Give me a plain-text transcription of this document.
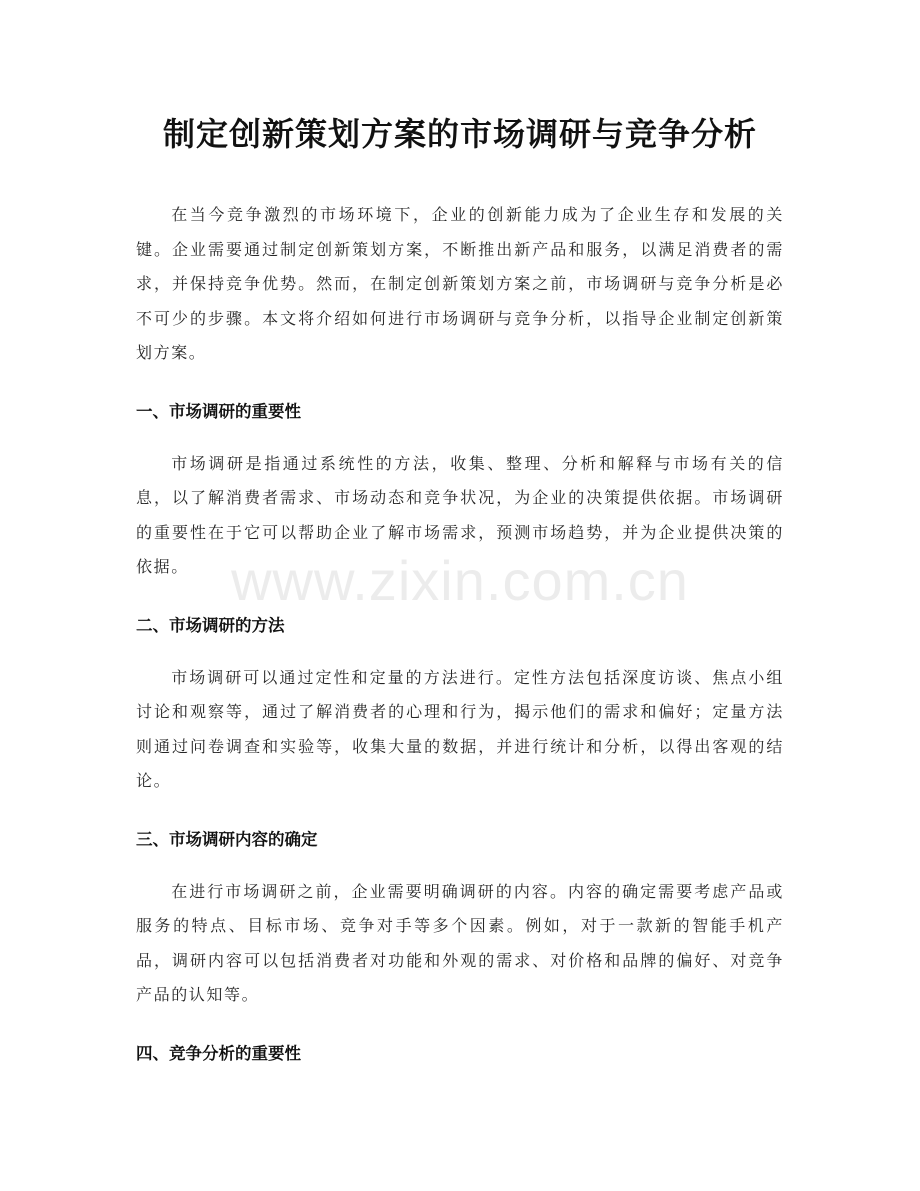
制定创新策划方案的市场调研与竞争分析

在当今竞争激烈的市场环境下，企业的创新能力成为了企业生存和发展的关键。企业需要通过制定创新策划方案，不断推出新产品和服务，以满足消费者的需求，并保持竞争优势。然而，在制定创新策划方案之前，市场调研与竞争分析是必不可少的步骤。本文将介绍如何进行市场调研与竞争分析，以指导企业制定创新策划方案。

一、市场调研的重要性

市场调研是指通过系统性的方法，收集、整理、分析和解释与市场有关的信息，以了解消费者需求、市场动态和竞争状况，为企业的决策提供依据。市场调研的重要性在于它可以帮助企业了解市场需求，预测市场趋势，并为企业提供决策的依据。

二、市场调研的方法

市场调研可以通过定性和定量的方法进行。定性方法包括深度访谈、焦点小组讨论和观察等，通过了解消费者的心理和行为，揭示他们的需求和偏好；定量方法则通过问卷调查和实验等，收集大量的数据，并进行统计和分析，以得出客观的结论。

三、市场调研内容的确定

在进行市场调研之前，企业需要明确调研的内容。内容的确定需要考虑产品或服务的特点、目标市场、竞争对手等多个因素。例如，对于一款新的智能手机产品，调研内容可以包括消费者对功能和外观的需求、对价格和品牌的偏好、对竞争产品的认知等。

四、竞争分析的重要性
www.zixin.com.cn
